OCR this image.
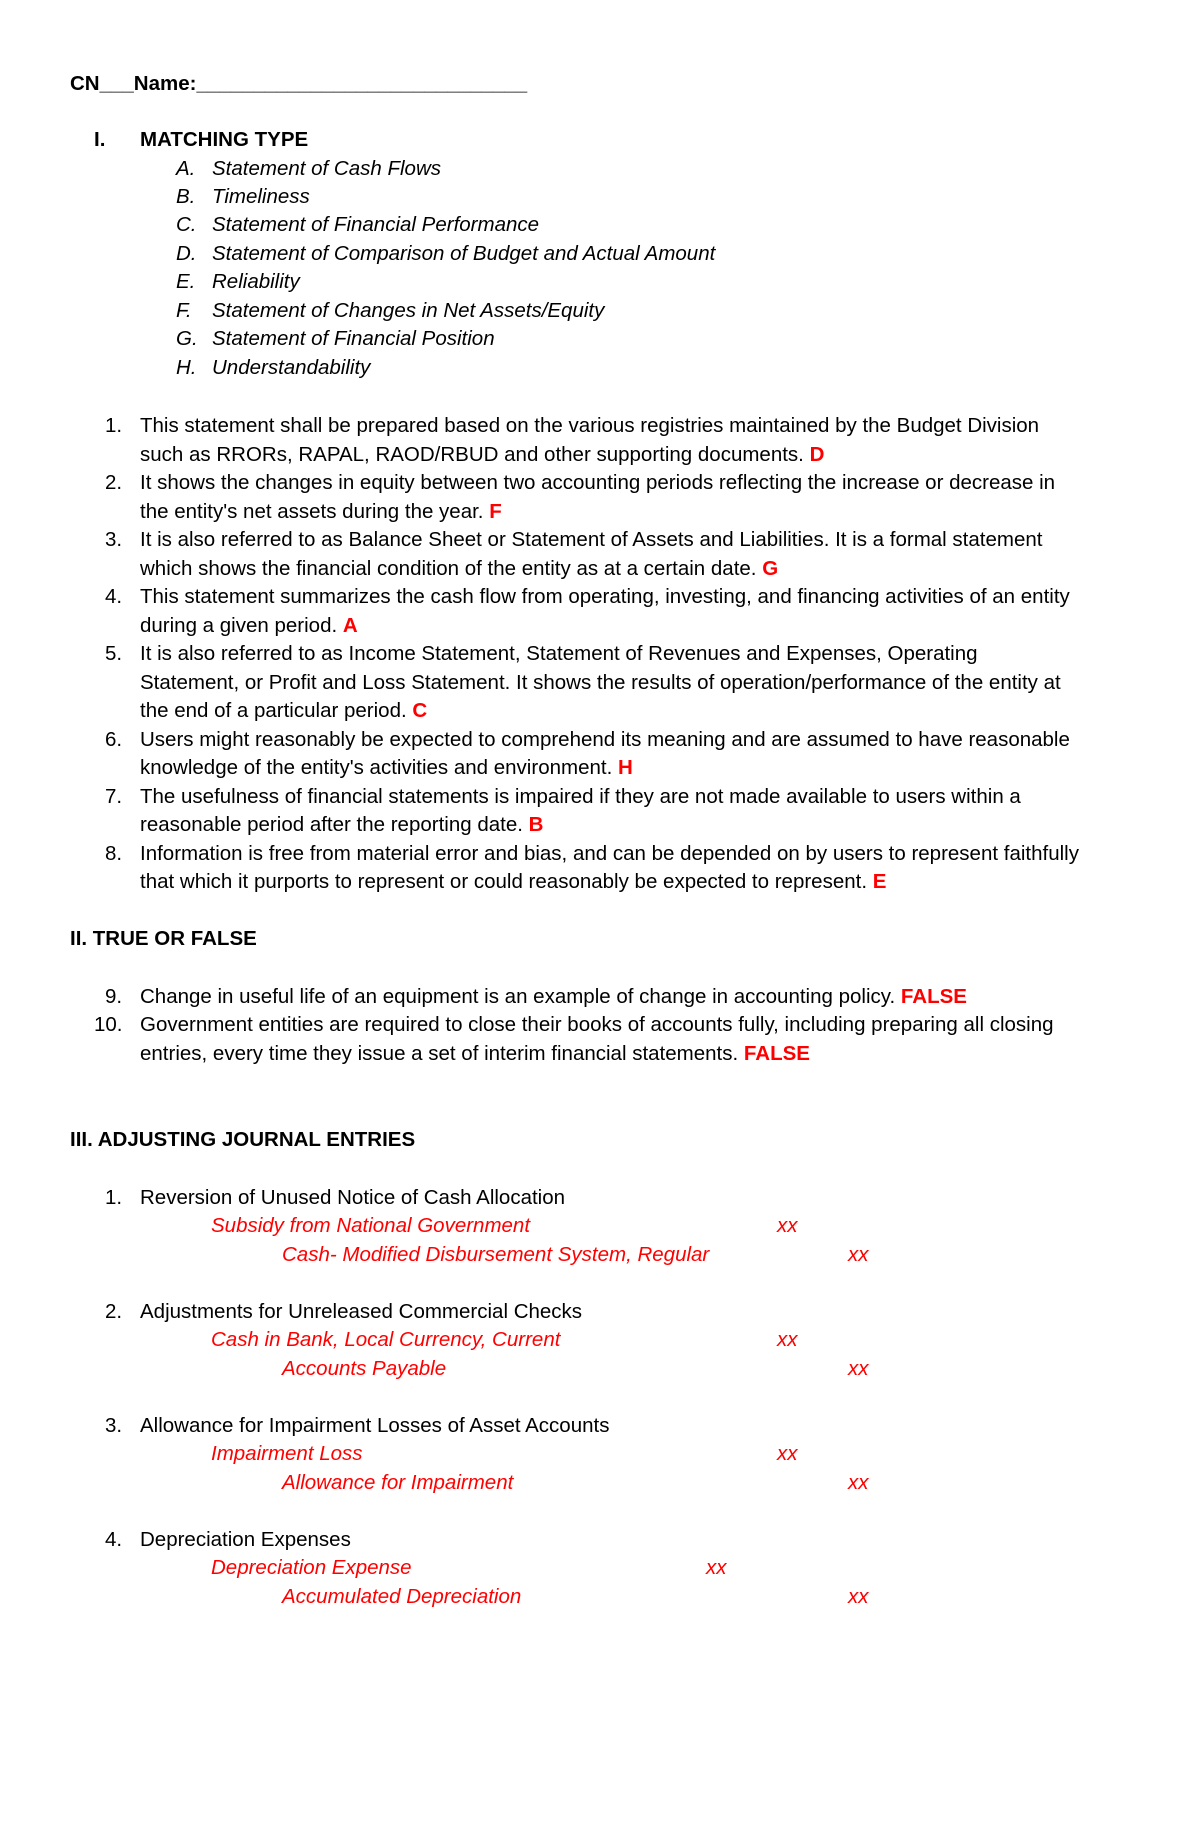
CN___Name:_____________________________
I. MATCHING TYPE
A. Statement of Cash Flows
B. Timeliness
C. Statement of Financial Performance
D. Statement of Comparison of Budget and Actual Amount
E. Reliability
F. Statement of Changes in Net Assets/Equity
G. Statement of Financial Position
H. Understandability
1. This statement shall be prepared based on the various registries maintained by the Budget Division
such as RRORs, RAPAL, RAOD/RBUD and other supporting documents. D
2. It shows the changes in equity between two accounting periods reflecting the increase or decrease in
the entity's net assets during the year. F
3. It is also referred to as Balance Sheet or Statement of Assets and Liabilities. It is a formal statement
which shows the financial condition of the entity as at a certain date. G
4. This statement summarizes the cash flow from operating, investing, and financing activities of an entity
during a given period. A
5. It is also referred to as Income Statement, Statement of Revenues and Expenses, Operating
Statement, or Profit and Loss Statement. It shows the results of operation/performance of the entity at
the end of a particular period. C
6. Users might reasonably be expected to comprehend its meaning and are assumed to have reasonable
knowledge of the entity's activities and environment. H
7. The usefulness of financial statements is impaired if they are not made available to users within a
reasonable period after the reporting date. B
8. Information is free from material error and bias, and can be depended on by users to represent faithfully
that which it purports to represent or could reasonably be expected to represent. E
II. TRUE OR FALSE
9. Change in useful life of an equipment is an example of change in accounting policy. FALSE
10. Government entities are required to close their books of accounts fully, including preparing all closing
entries, every time they issue a set of interim financial statements. FALSE
III. ADJUSTING JOURNAL ENTRIES
1. Reversion of Unused Notice of Cash Allocation
Subsidy from National Government	xx
Cash- Modified Disbursement System, Regular	xx
2. Adjustments for Unreleased Commercial Checks
Cash in Bank, Local Currency, Current	xx
Accounts Payable	xx
3. Allowance for Impairment Losses of Asset Accounts
Impairment Loss	xx
Allowance for Impairment	xx
4. Depreciation Expenses
Depreciation Expense	xx
Accumulated Depreciation	xx
